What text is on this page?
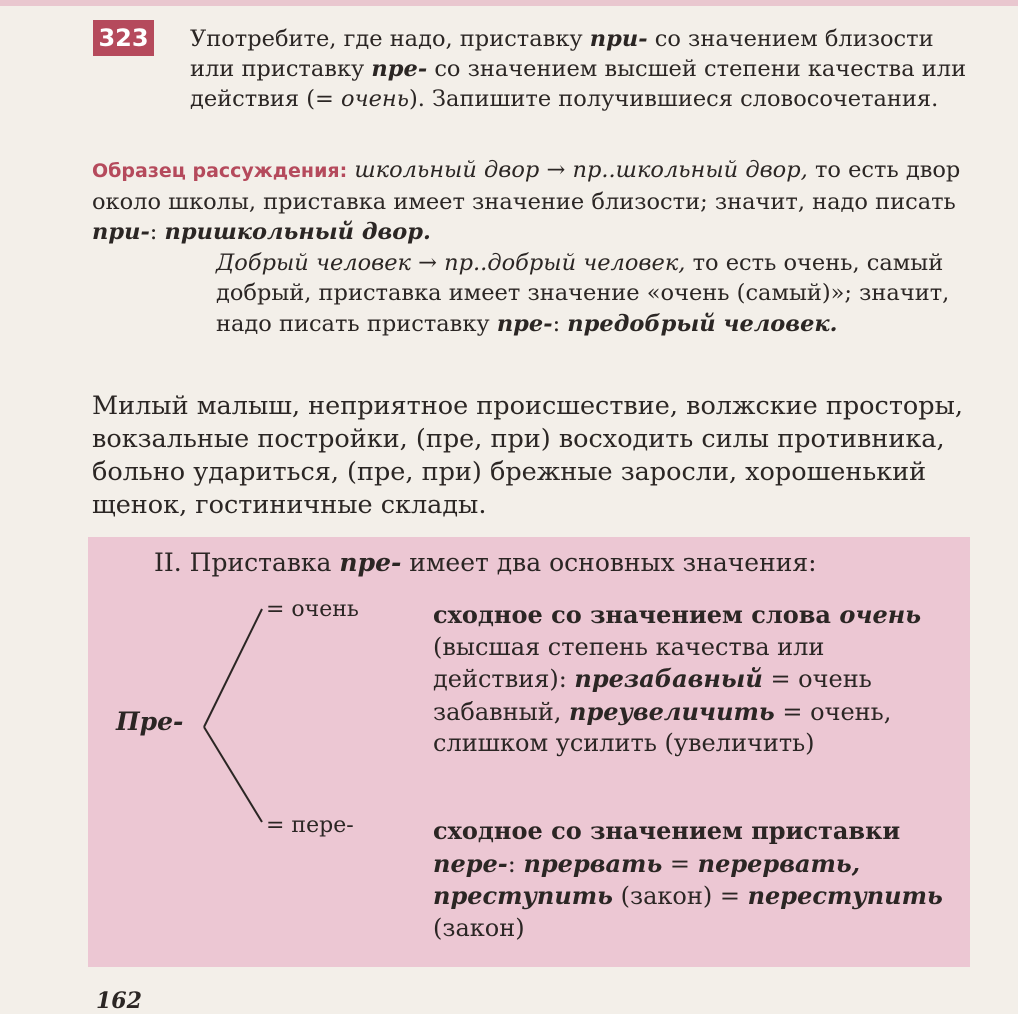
323 Употребите, где надо, приставку при- со значением близости или приставку пре- со значением высшей степени качества или действия (= очень). Запишите получившиеся словосочетания.

Образец рассуждения: школьный двор → пр..школьный двор, то есть двор около школы, приставка имеет значение близости; значит, надо писать при-: пришкольный двор.

Добрый человек → пр..добрый человек, то есть очень, самый добрый, приставка имеет значение «очень (самый)»; значит, надо писать приставку пре-: предобрый человек.

Милый малыш, неприятное происшествие, волжские просторы, вокзальные постройки, (пре, при) восходить силы противника, больно удариться, (пре, при) брежные заросли, хорошенький щенок, гостиничные склады.

II. Приставка пре- имеет два основных значения:

Пре-
= очень
= пере-

сходное со значением слова очень (высшая степень качества или действия): презабавный = очень забавный, преувеличить = очень, слишком усилить (увеличить)

сходное со значением приставки пере-: прервать = перервать, преступить (закон) = переступить (закон)

162
